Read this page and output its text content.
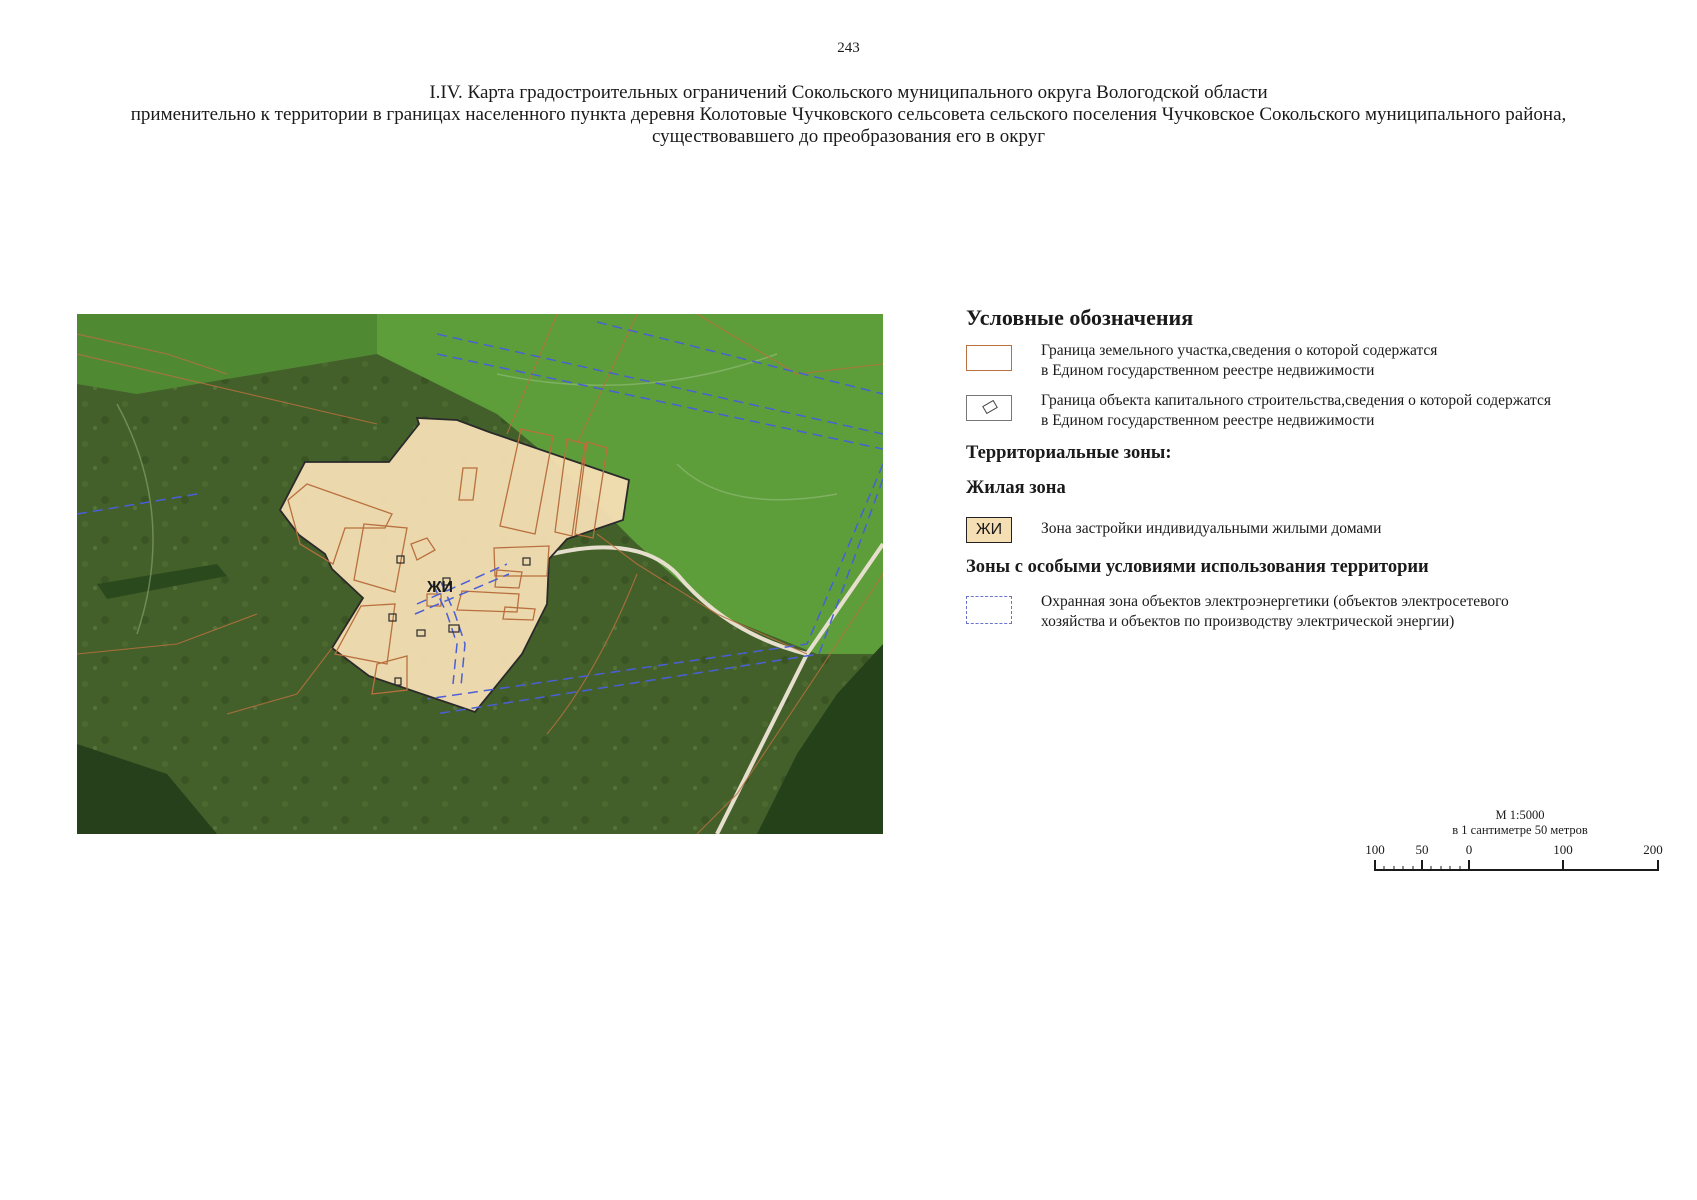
243
I.IV. Карта градостроительных ограничений Сокольского муниципального округа Вологодской области
применительно к территории в границах населенного пункта деревня Колотовые Чучковского сельсовета сельского поселения Чучковское Сокольского муниципального района,
существовавшего до преобразования его в округ
ЖИ
Условные обозначения
Граница земельного участка,сведения о которой содержатся
в Едином государственном реестре недвижимости
Граница объекта капитального строительства,сведения о которой содержатся
в Едином государственном реестре недвижимости
Территориальные зоны:
Жилая зона
ЖИ	Зона застройки индивидуальными жилыми домами
Зоны с особыми условиями использования территории
Охранная зона объектов электроэнергетики (объектов электросетевого
хозяйства и объектов по производству электрической энергии)
М 1:5000
в 1 сантиметре 50 метров
100 50	0	100	200
